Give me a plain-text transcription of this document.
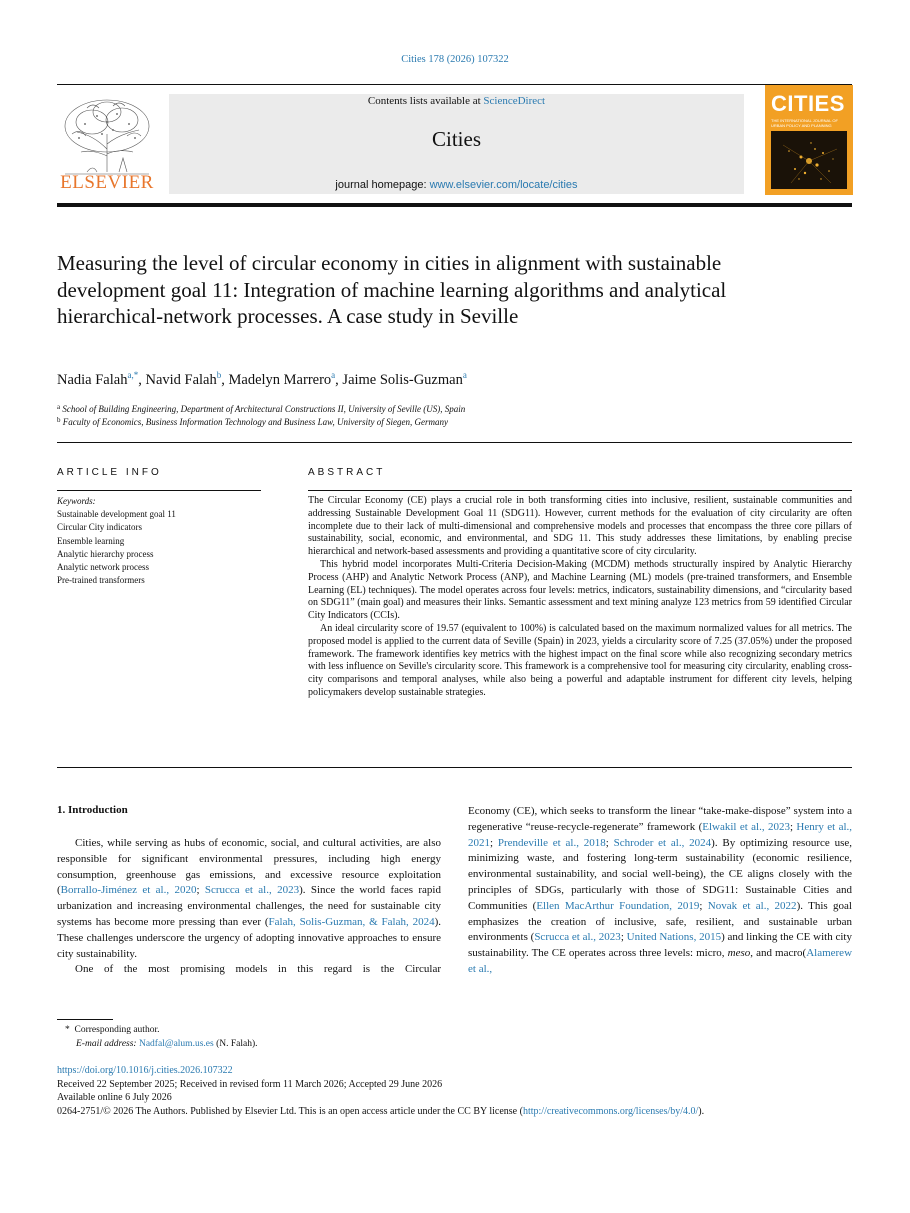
Cities 178 (2026) 107322
ELSEVIER
Contents lists available at ScienceDirect
Cities
journal homepage: www.elsevier.com/locate/cities
CITIES
THE INTERNATIONAL JOURNAL OF URBAN POLICY AND PLANNING
Measuring the level of circular economy in cities in alignment with sustainable development goal 11: Integration of machine learning algorithms and analytical hierarchical-network processes. A case study in Seville
Nadia Falah$^{a,*}$, Navid Falah$^b$, Madelyn Marrero$^a$, Jaime Solis-Guzman$^a$
$^a$ School of Building Engineering, Department of Architectural Constructions II, University of Seville (US), Spain
$^b$ Faculty of Economics, Business Information Technology and Business Law, University of Siegen, Germany
ARTICLE INFO
Keywords:
Sustainable development goal 11
Circular City indicators
Ensemble learning
Analytic hierarchy process
Analytic network process
Pre-trained transformers
ABSTRACT

The Circular Economy (CE) plays a crucial role in both transforming cities into inclusive, resilient, sustainable communities and addressing Sustainable Development Goal 11 (SDG11). However, current methods for the evaluation of city circularity are often incomplete due to their lack of multi-dimensional and comprehensive models and processes that encompass the three core pillars of sustainability, social, economic, and environmental, and SDG 11. This study addresses these limitations, by enabling precise hierarchical and network-based assessments and providing a quantitative score of city circularity.

This hybrid model incorporates Multi-Criteria Decision-Making (MCDM) methods structurally inspired by Analytic Hierarchy Process (AHP) and Analytic Network Process (ANP), and Machine Learning (ML) models (pre-trained transformers, and Ensemble Learning (EL) techniques). The model operates across four levels: metrics, indicators, sustainability dimensions, and “circularity based on SDG11” (main goal) and measures their links. Semantic assessment and text mining analyze 123 metrics from 59 identified Circular City Indicators (CCIs).

An ideal circularity score of 19.57 (equivalent to 100%) is calculated based on the maximum normalized values for all metrics. The proposed model is applied to the current data of Seville (Spain) in 2023, yields a circularity score of 7.25 (37.05%) under the proposed framework. The framework identifies key metrics with the highest impact on the final score while also recognizing secondary metrics with less influence on Seville's circularity score. This framework is a comprehensive tool for measuring city circularity, enabling cross-city comparisons and temporal analyses, while also being a powerful and adaptable instrument for different city levels, helping policymakers develop sustainable strategies.

1. Introduction

Cities, while serving as hubs of economic, social, and cultural activities, are also responsible for significant environmental pressures, including high energy consumption, greenhouse gas emissions, and excessive resource exploitation (Borrallo-Jiménez et al., 2020; Scrucca et al., 2023). Since the world faces rapid urbanization and increasing environmental challenges, the need for sustainable city systems has become more pressing than ever (Falah, Solis-Guzman, & Falah, 2024). These challenges underscore the urgency of adopting innovative approaches to ensure city sustainability.

One of the most promising models in this regard is the Circular

Economy (CE), which seeks to transform the linear “take-make-dispose” system into a regenerative “reuse-recycle-regenerate” framework (Elwakil et al., 2023; Henry et al., 2021; Prendeville et al., 2018; Schroder et al., 2024). By optimizing resource use, minimizing waste, and fostering long-term sustainability (economic resilience, environmental sustainability, and social well-being), the CE aligns closely with the principles of SDGs, particularly with those of SDG11: Sustainable Cities and Communities (Ellen MacArthur Foundation, 2019; Novak et al., 2022). This goal emphasizes the creation of inclusive, safe, resilient, and sustainable urban environments (Scrucca et al., 2023; United Nations, 2015) and linking the CE with city sustainability. The CE operates across three levels: micro, meso, and macro(Alamerew et al.,

*  Corresponding author.
E-mail address: Nadfal@alum.us.es (N. Falah).
https://doi.org/10.1016/j.cities.2026.107322
Received 22 September 2025; Received in revised form 11 March 2026; Accepted 29 June 2026
Available online 6 July 2026
0264-2751/© 2026 The Authors. Published by Elsevier Ltd. This is an open access article under the CC BY license (http://creativecommons.org/licenses/by/4.0/).
